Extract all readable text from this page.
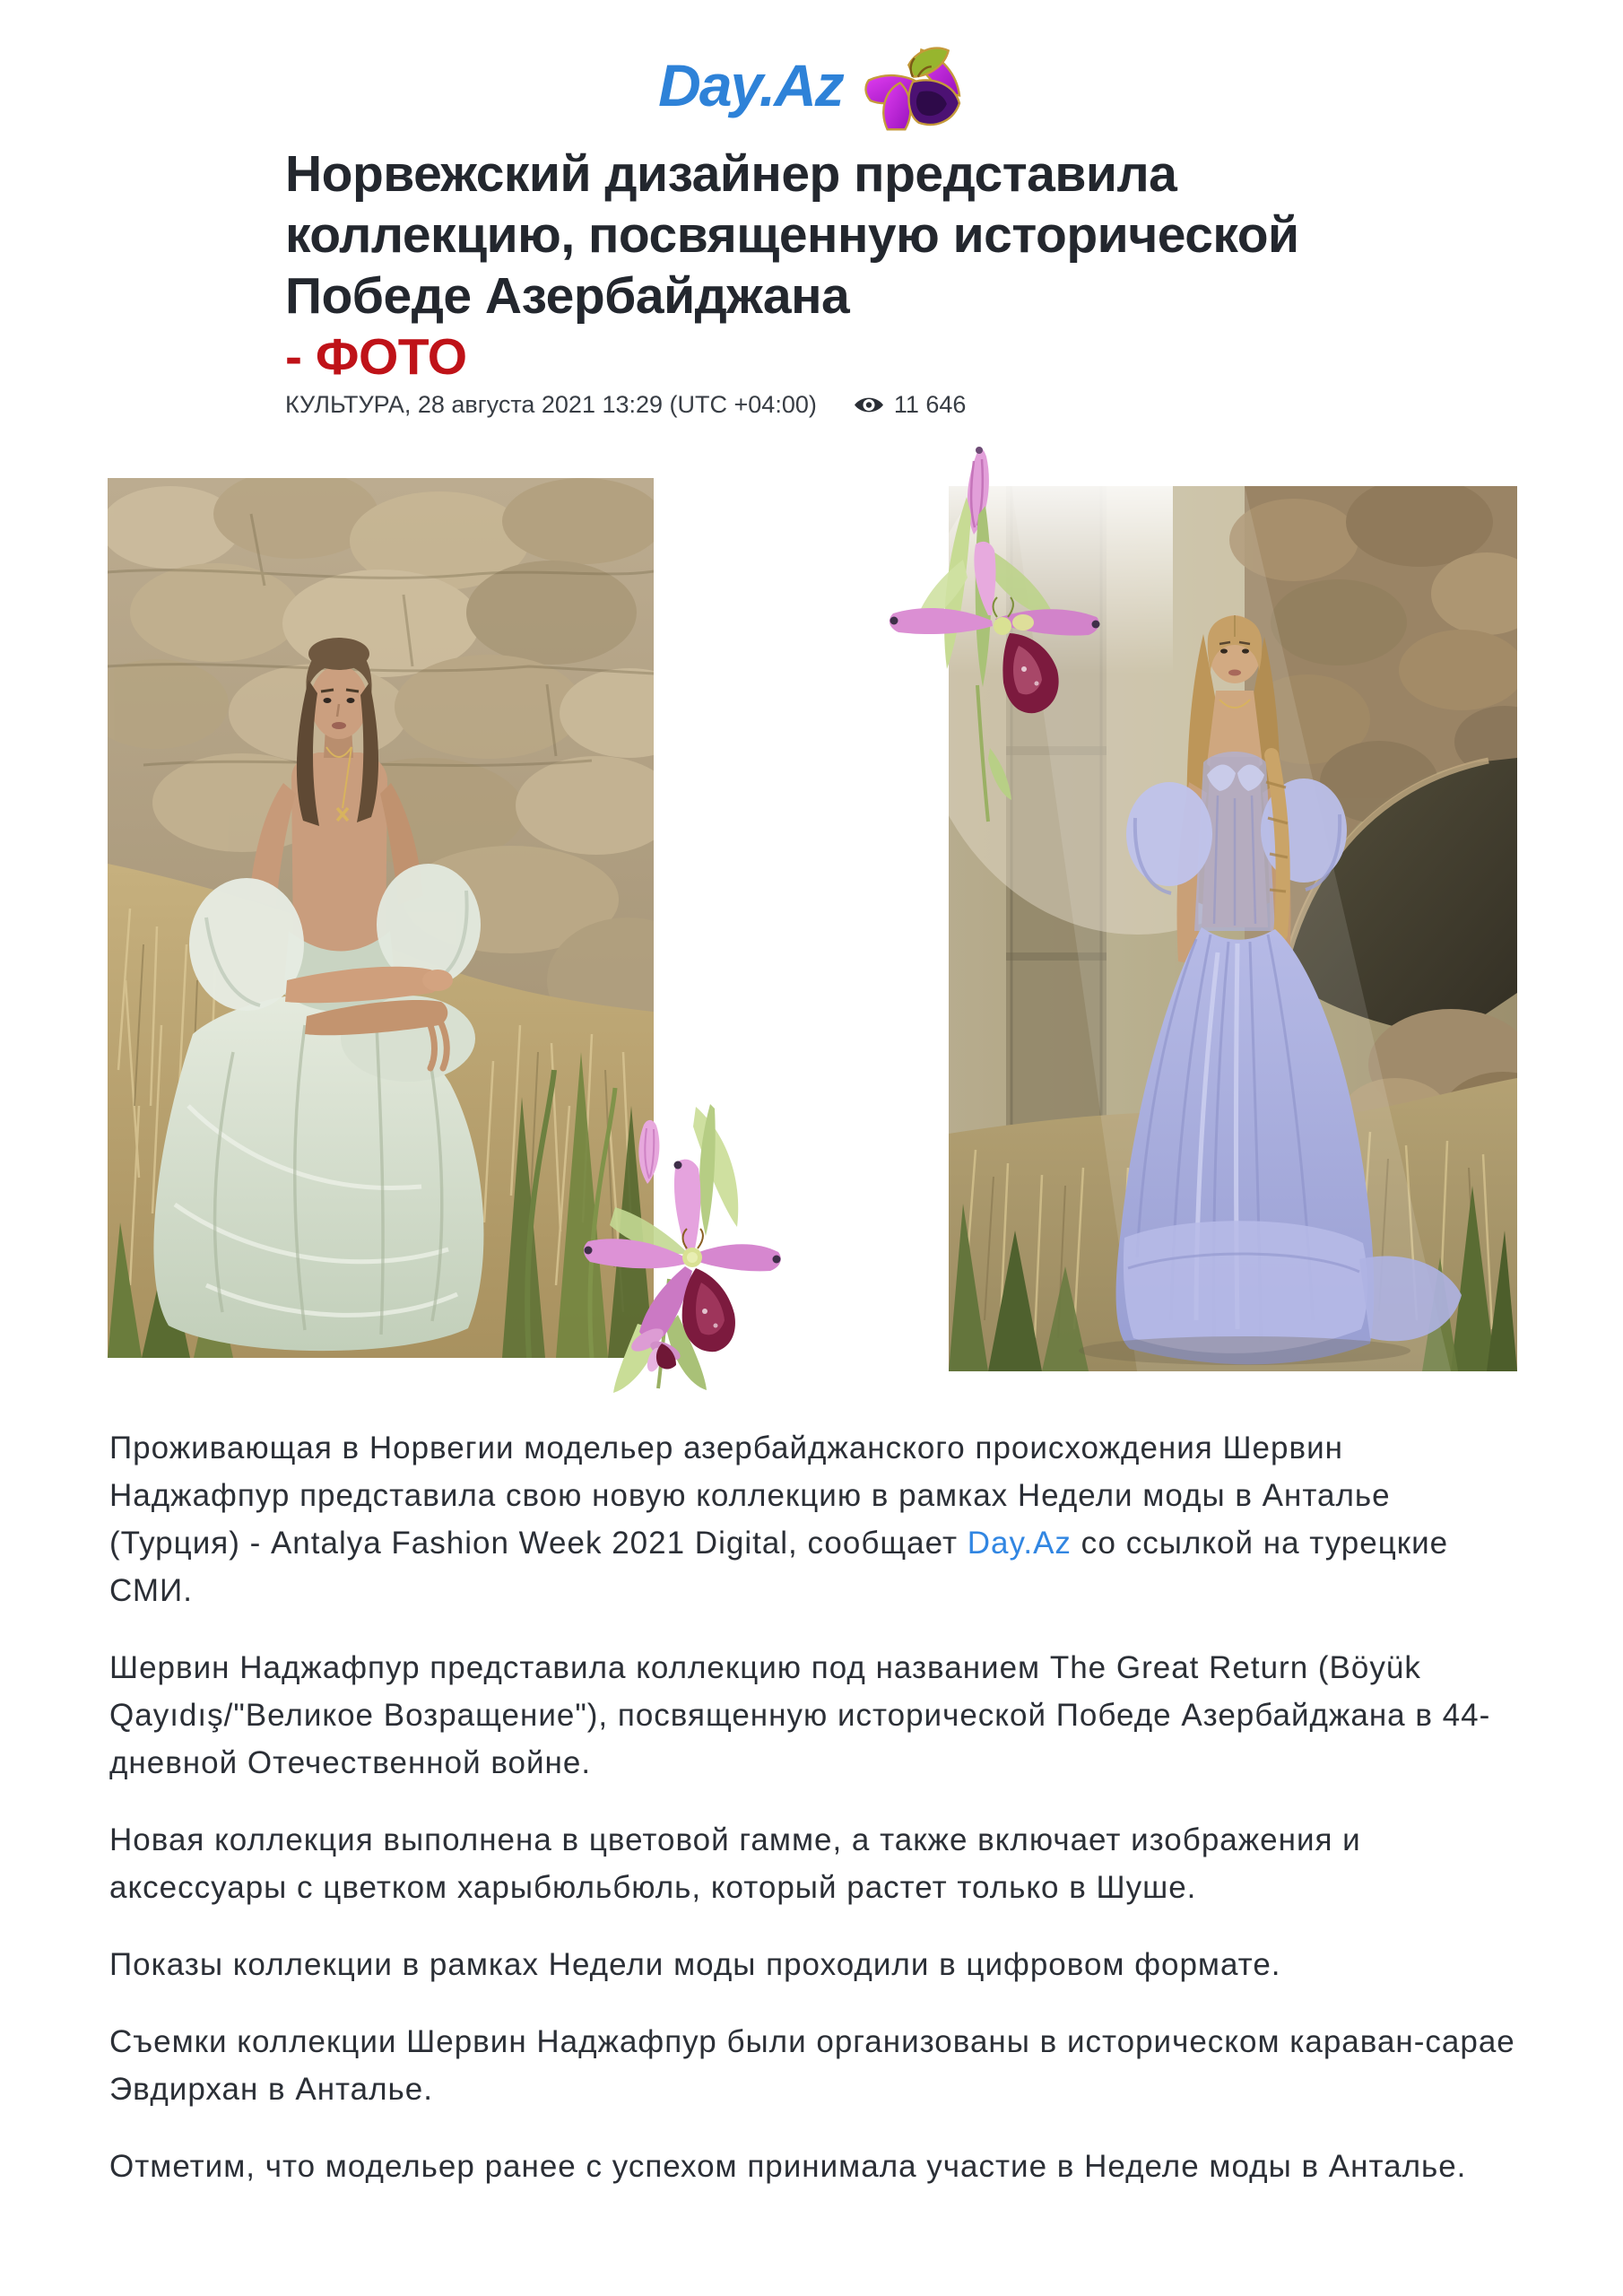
Day.Az
Норвежский дизайнер представила
коллекцию, посвященную исторической
Победе Азербайджана
- ФОТО
КУЛЬТУРА, 28 августа 2021 13:29 (UTC +04:00)	11 646

Проживающая в Норвегии модельер азербайджанского происхождения Шервин Наджафпур представила свою новую коллекцию в рамках Недели моды в Анталье (Турция) - Antalya Fashion Week 2021 Digital, сообщает Day.Az со ссылкой на турецкие СМИ.

Шервин Наджафпур представила коллекцию под названием The Great Return (Böyük Qayıdış/"Великое Возращение"), посвященную исторической Победе Азербайджана в 44-дневной Отечественной войне.

Новая коллекция выполнена в цветовой гамме, а также включает изображения и аксессуары с цветком харыбюльбюль, который растет только в Шуше.

Показы коллекции в рамках Недели моды проходили в цифровом формате.

Съемки коллекции Шервин Наджафпур были организованы в историческом караван-сарае Эвдирхан в Анталье.

Отметим, что модельер ранее с успехом принимала участие в Неделе моды в Анталье.
